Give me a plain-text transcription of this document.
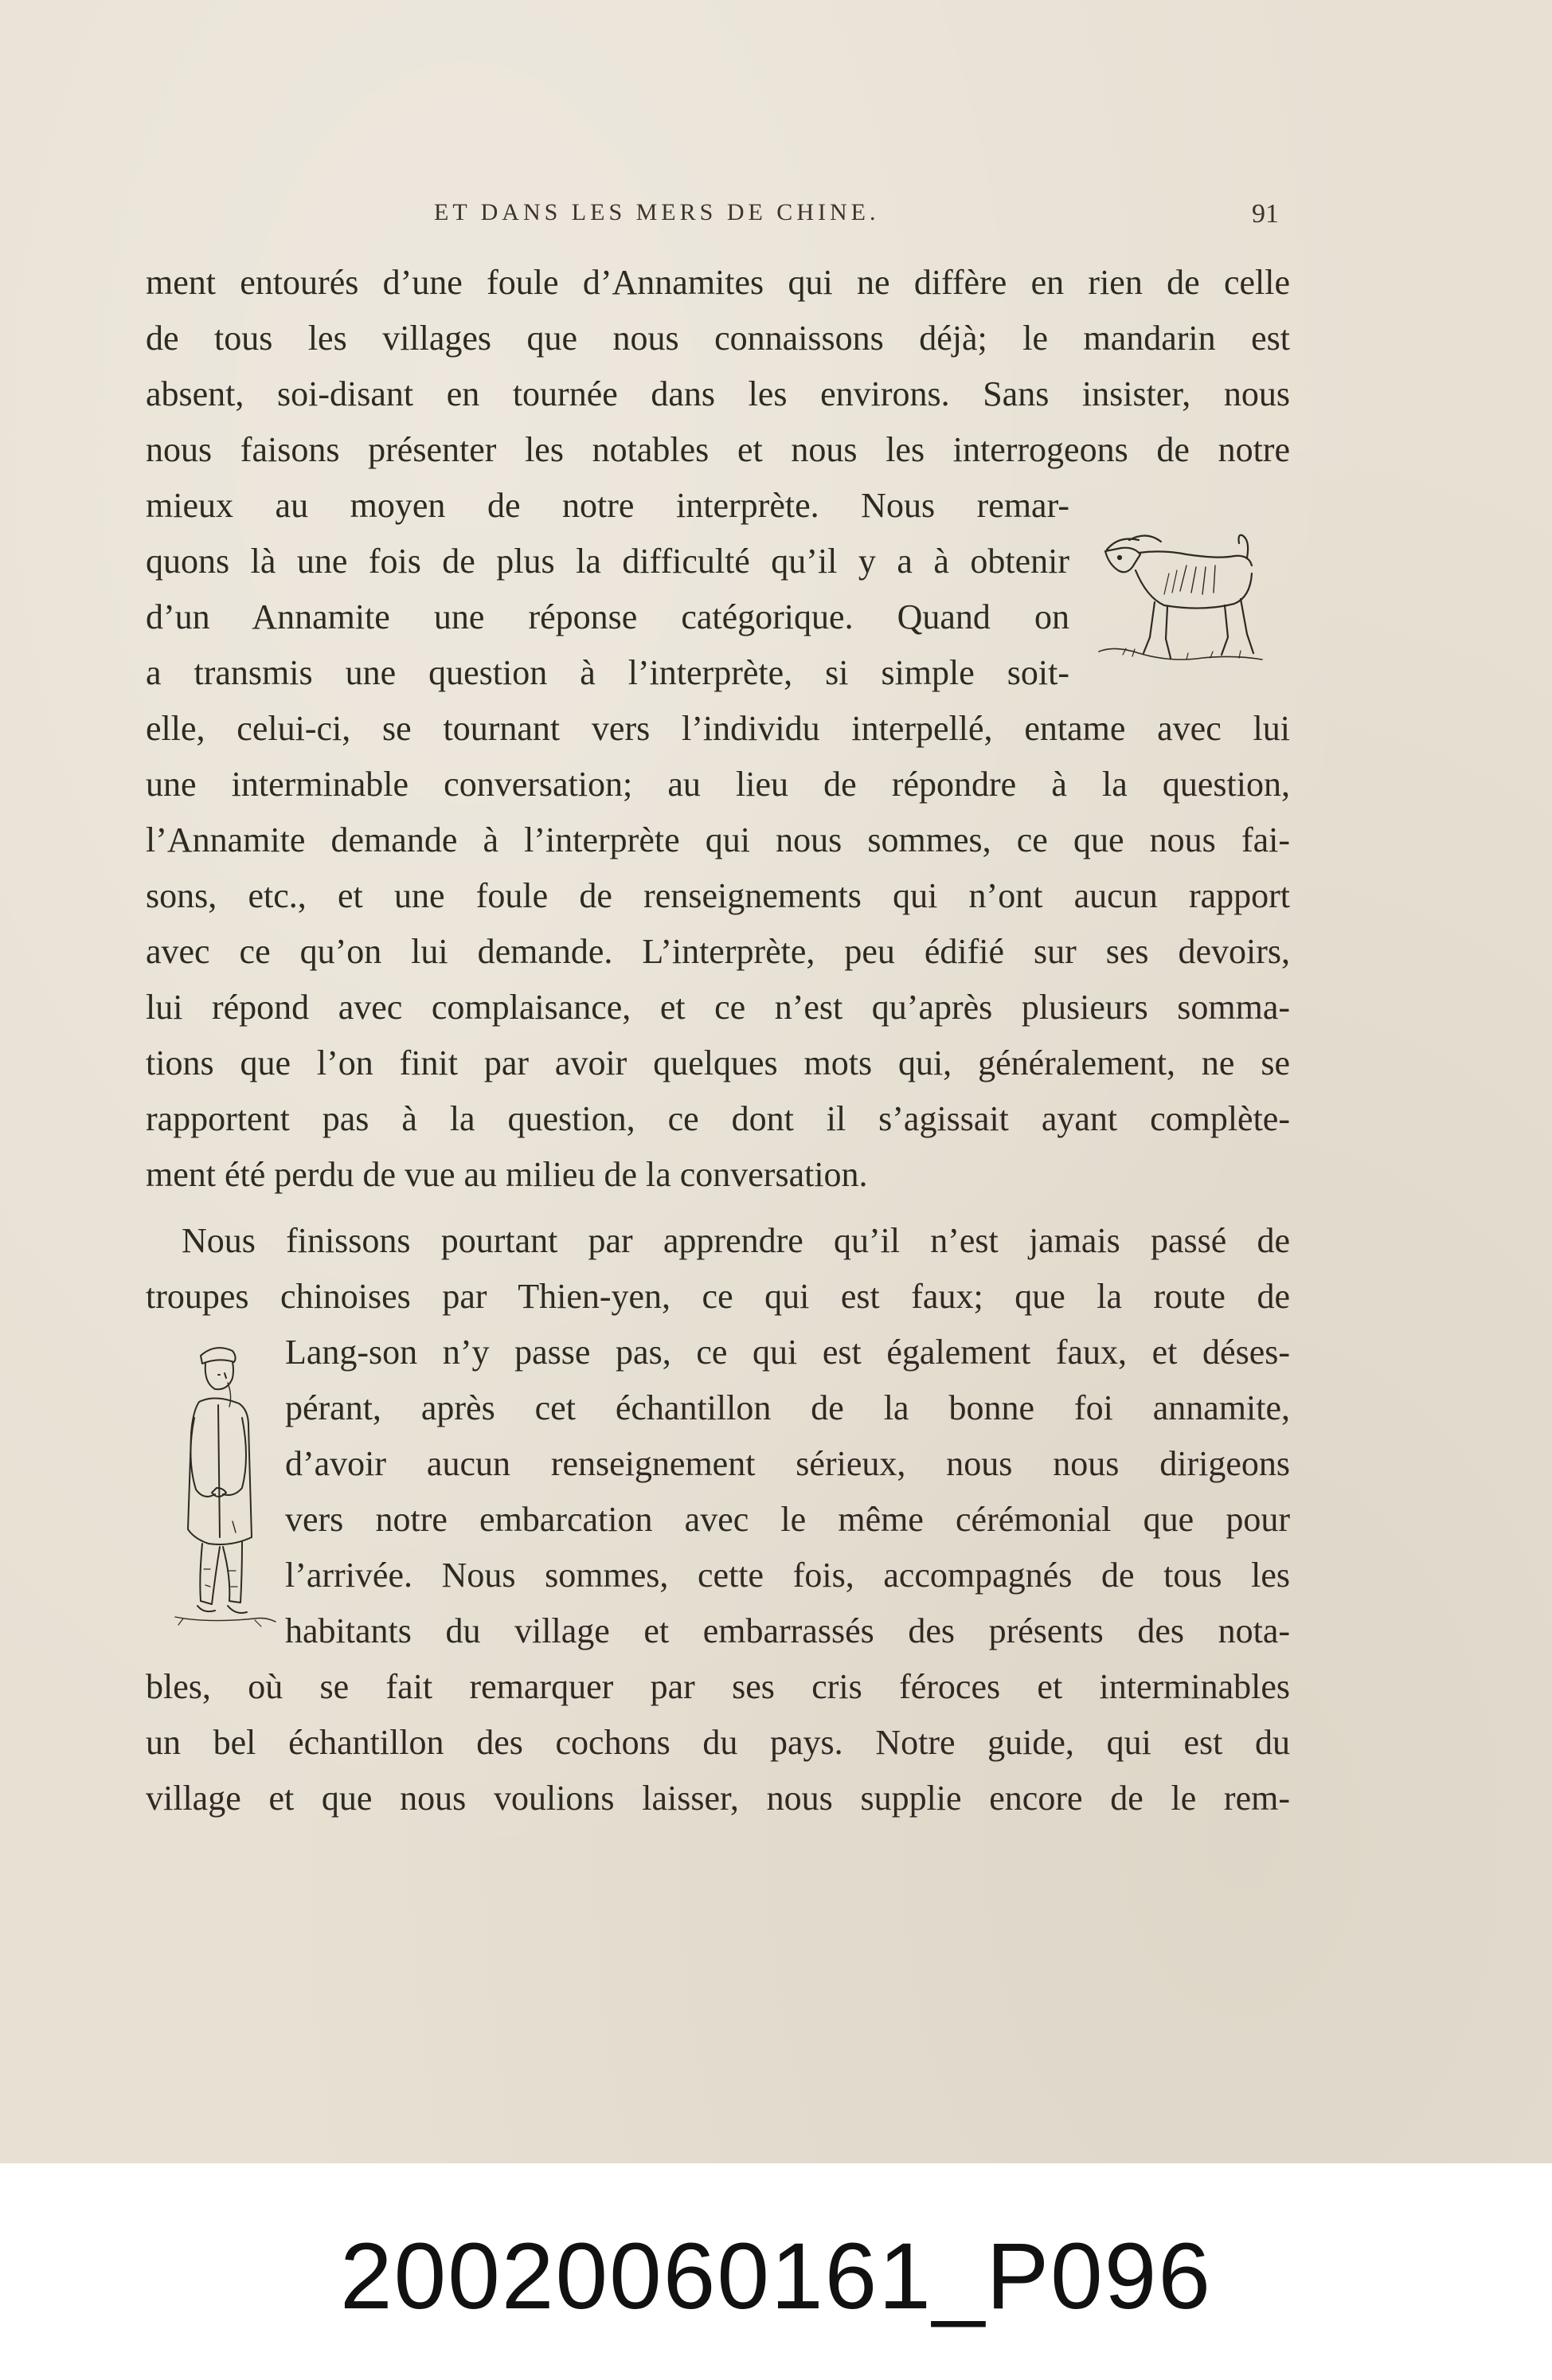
ET DANS LES MERS DE CHINE.	91
ment entourés d’une foule d’Annamites qui ne diffère en rien de celle
de tous les villages que nous connaissons déjà; le mandarin est
absent, soi-disant en tournée dans les environs. Sans insister, nous
nous faisons présenter les notables et nous les interrogeons de notre
mieux au moyen de notre interprète. Nous remar-
quons là une fois de plus la difficulté qu’il y a à obtenir
d’un Annamite une réponse catégorique. Quand on
a transmis une question à l’interprète, si simple soit-
elle, celui-ci, se tournant vers l’individu interpellé, entame avec lui
une interminable conversation; au lieu de répondre à la question,
l’Annamite demande à l’interprète qui nous sommes, ce que nous fai-
sons, etc., et une foule de renseignements qui n’ont aucun rapport
avec ce qu’on lui demande. L’interprète, peu édifié sur ses devoirs,
lui répond avec complaisance, et ce n’est qu’après plusieurs somma-
tions que l’on finit par avoir quelques mots qui, généralement, ne se
rapportent pas à la question, ce dont il s’agissait ayant complète-
ment été perdu de vue au milieu de la conversation.
Nous finissons pourtant par apprendre qu’il n’est jamais passé de
troupes chinoises par Thien-yen, ce qui est faux; que la route de
Lang-son n’y passe pas, ce qui est également faux, et déses-
pérant, après cet échantillon de la bonne foi annamite,
d’avoir aucun renseignement sérieux, nous nous dirigeons
vers notre embarcation avec le même cérémonial que pour
l’arrivée. Nous sommes, cette fois, accompagnés de tous les
habitants du village et embarrassés des présents des nota-
bles, où se fait remarquer par ses cris féroces et interminables
un bel échantillon des cochons du pays. Notre guide, qui est du
village et que nous voulions laisser, nous supplie encore de le rem-
20020060161_P096
